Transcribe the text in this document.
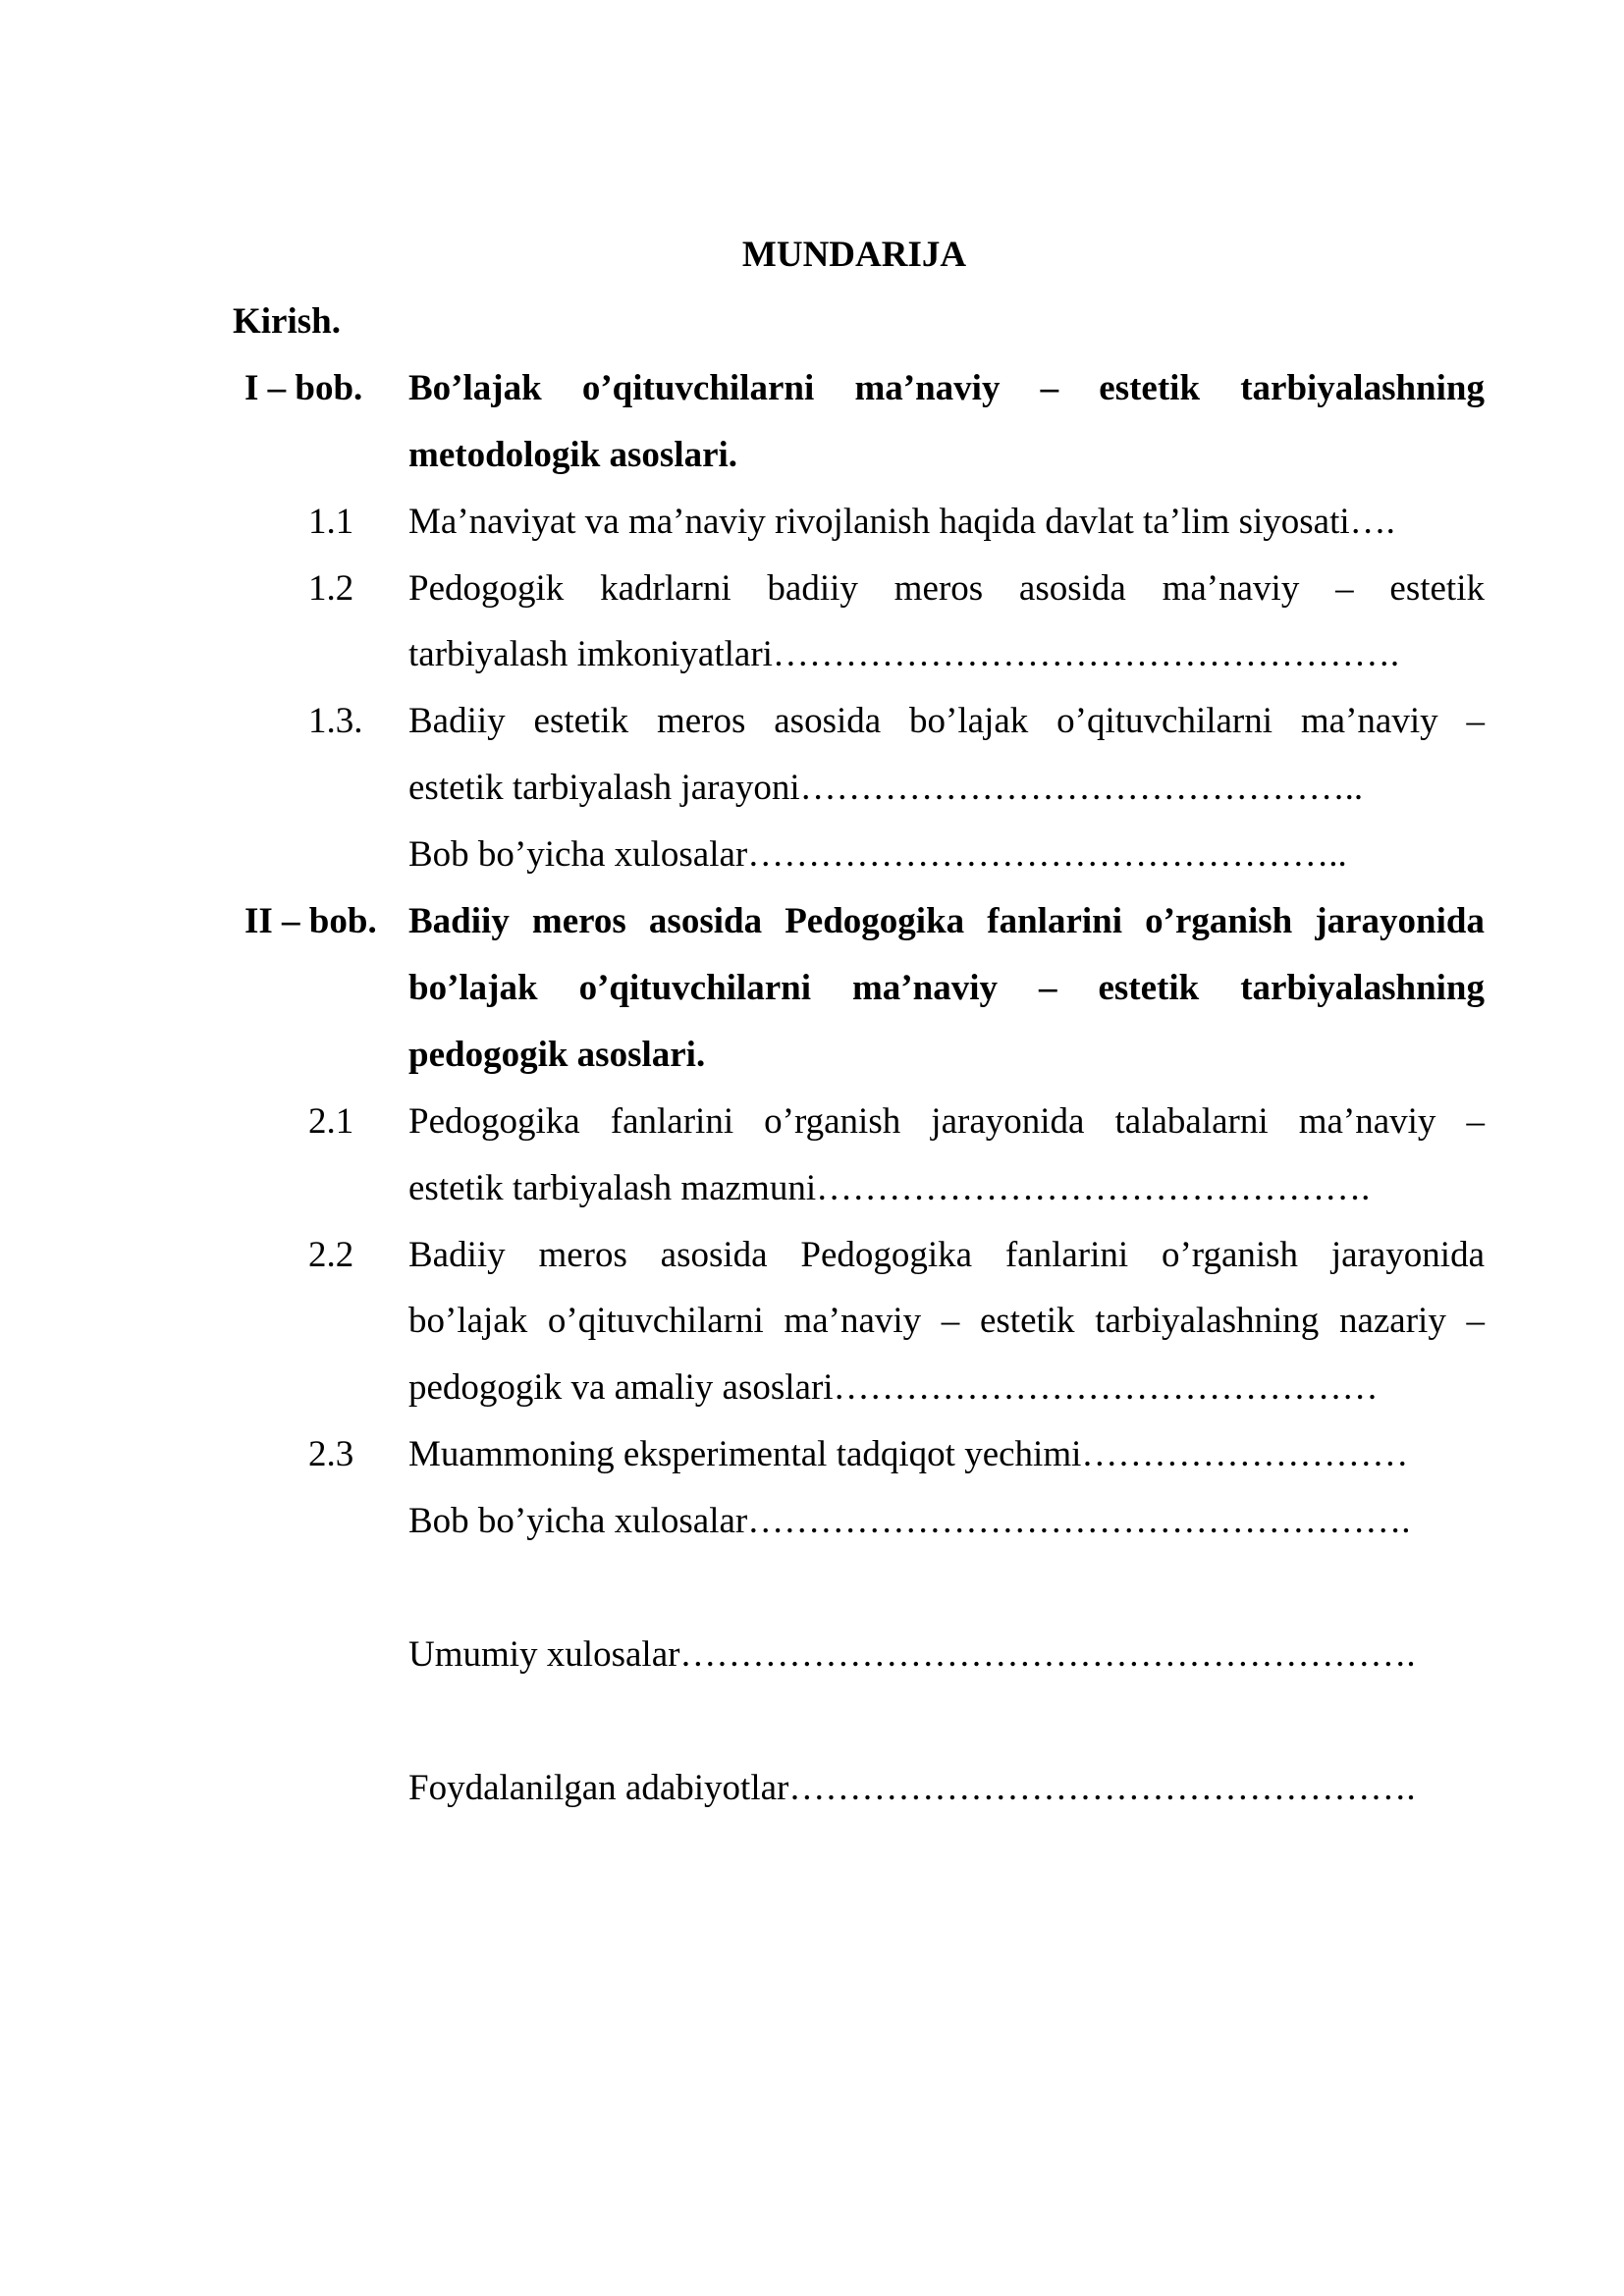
MUNDARIJA
Kirish.
I – bob. Bo’lajak o’qituvchilarni ma’naviy – estetik tarbiyalashning
metodologik asoslari.
1.1 Ma’naviyat va ma’naviy rivojlanish haqida davlat ta’lim siyosati….
1.2 Pedogogik kadrlarni badiiy meros asosida ma’naviy – estetik
tarbiyalash imkoniyatlari…………………………………………….
1.3. Badiiy estetik meros asosida bo’lajak o’qituvchilarni ma’naviy –
estetik tarbiyalash jarayoni………………………………………..
Bob bo’yicha xulosalar…………………………………………..
II – bob. Badiiy meros asosida Pedogogika fanlarini o’rganish jarayonida
bo’lajak o’qituvchilarni ma’naviy – estetik tarbiyalashning
pedogogik asoslari.
2.1 Pedogogika fanlarini o’rganish jarayonida talabalarni ma’naviy –
estetik tarbiyalash mazmuni……………………………………….
2.2 Badiiy meros asosida Pedogogika fanlarini o’rganish jarayonida
bo’lajak o’qituvchilarni ma’naviy – estetik tarbiyalashning nazariy –
pedogogik va amaliy asoslari………………………………………
2.3 Muammoning eksperimental tadqiqot yechimi………………………
Bob bo’yicha xulosalar……………………………………………….
Umumiy xulosalar…………………………………………………….
Foydalanilgan adabiyotlar…………………………………………….
